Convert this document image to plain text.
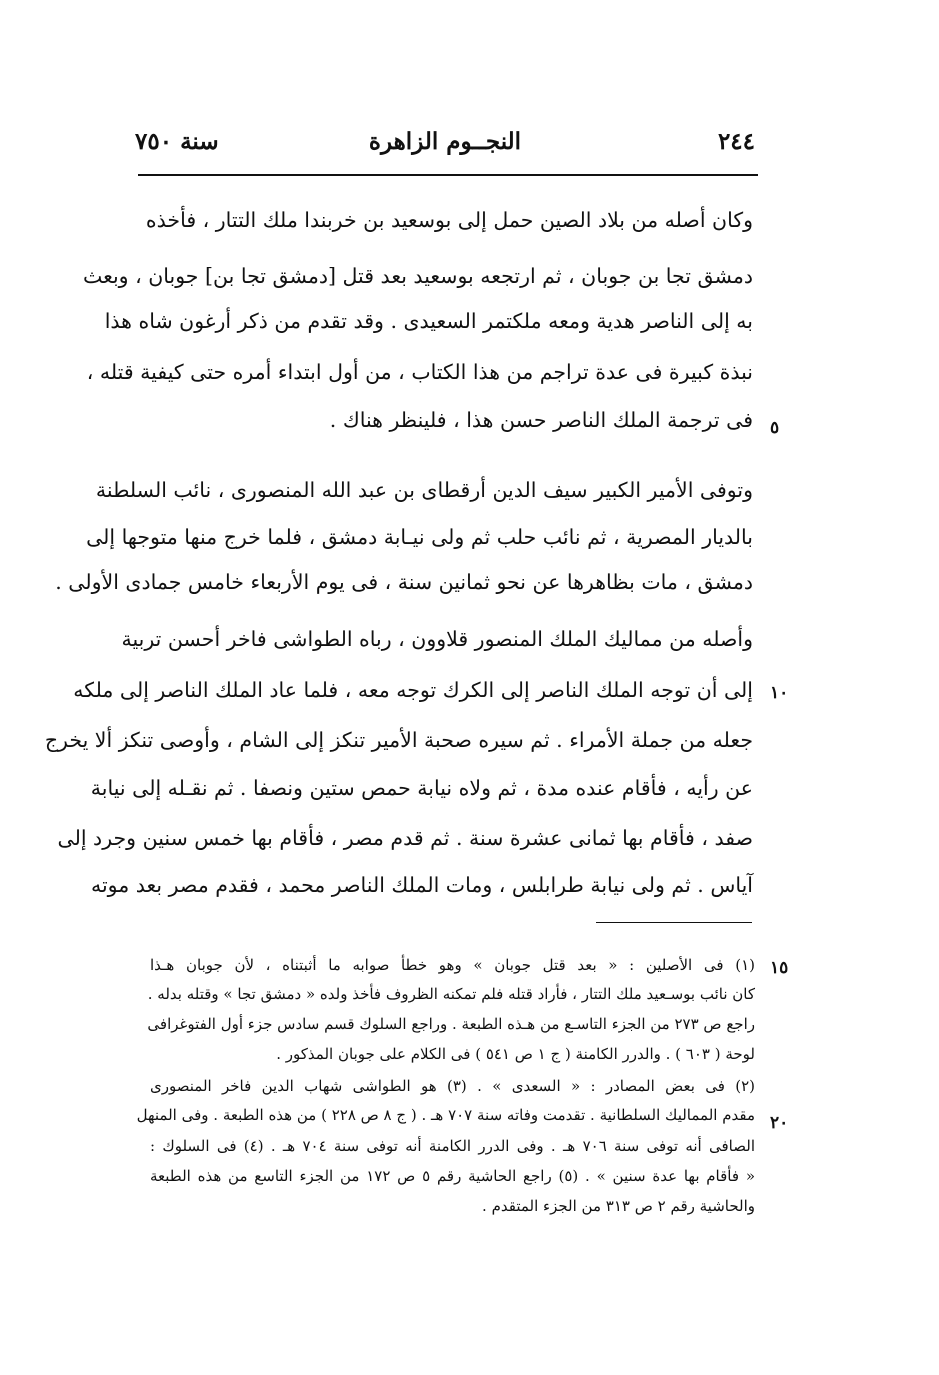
٢٤٤
النجــوم الزاهرة
سنة ٧٥٠
وكان أصله من بلاد الصين حمل إلى بوسعيد بن خربندا ملك التتار ، فأخذه
دمشق تجا بن جوبان ، ثم ارتجعه بوسعيد بعد قتل [دمشق تجا بن] جوبان ، وبعث
به إلى الناصر هدية ومعه ملكتمر السعيدى . وقد تقدم من ذكر أرغون شاه هذا
نبذة كبيرة فى عدة تراجم من هذا الكتاب ، من أول ابتداء أمره حتى كيفية قتله ،
فى ترجمة الملك الناصر حسن هذا ، فلينظر هناك .
وتوفى الأمير الكبير سيف الدين أرقطاى بن عبد الله المنصورى ، نائب السلطنة
بالديار المصرية ، ثم نائب حلب ثم ولى نيـابة دمشق ، فلما خرج منها متوجها إلى
دمشق ، مات بظاهرها عن نحو ثمانين سنة ، فى يوم الأربعاء خامس جمادى الأولى .
وأصله من مماليك الملك المنصور قلاوون ، رباه الطواشى فاخر أحسن تربية
إلى أن توجه الملك الناصر إلى الكرك توجه معه ، فلما عاد الملك الناصر إلى ملكه
جعله من جملة الأمراء . ثم سيره صحبة الأمير تنكز إلى الشام ، وأوصى تنكز ألا يخرج
عن رأيه ، فأقام عنده مدة ، ثم ولاه نيابة حمص ستين ونصفا . ثم نقـله إلى نيابة
صفد ، فأقام بها ثمانى عشرة سنة . ثم قدم مصر ، فأقام بها خمس سنين وجرد إلى
آياس . ثم ولى نيابة طرابلس ، ومات الملك الناصر محمد ، فقدم مصر بعد موته
٥
١٠
١٥
٢٠
(١) فى الأصلين : « بعد قتل جوبان » وهو خطأ صوابه ما أثبتناه ، لأن جوبان هـذا
كان نائب بوسـعيد ملك التتار ، فأراد قتله فلم تمكنه الظروف فأخذ ولده « دمشق تجا » وقتله بدله .
راجع ص ٢٧٣ من الجزء التاسـع من هـذه الطبعة . وراجع السلوك قسم سادس جزء أول الفتوغرافى
لوحة ( ٦٠٣ ) . والدرر الكامنة ( ج ١ ص ٥٤١ ) فى الكلام على جوبان المذكور .
(٢) فى بعض المصادر : « السعدى » . (٣) هو الطواشى شهاب الدين فاخر المنصورى
مقدم المماليك السلطانية . تقدمت وفاته سنة ٧٠٧ هـ . ( ج ٨ ص ٢٢٨ ) من هذه الطبعة . وفى المنهل
الصافى أنه توفى سنة ٧٠٦ هـ . وفى الدرر الكامنة أنه توفى سنة ٧٠٤ هـ . (٤) فى السلوك :
« فأقام بها عدة سنين » . (٥) راجع الحاشية رقم ٥ ص ١٧٢ من الجزء التاسع من هذه الطبعة
والحاشية رقم ٢ ص ٣١٣ من الجزء المتقدم .
